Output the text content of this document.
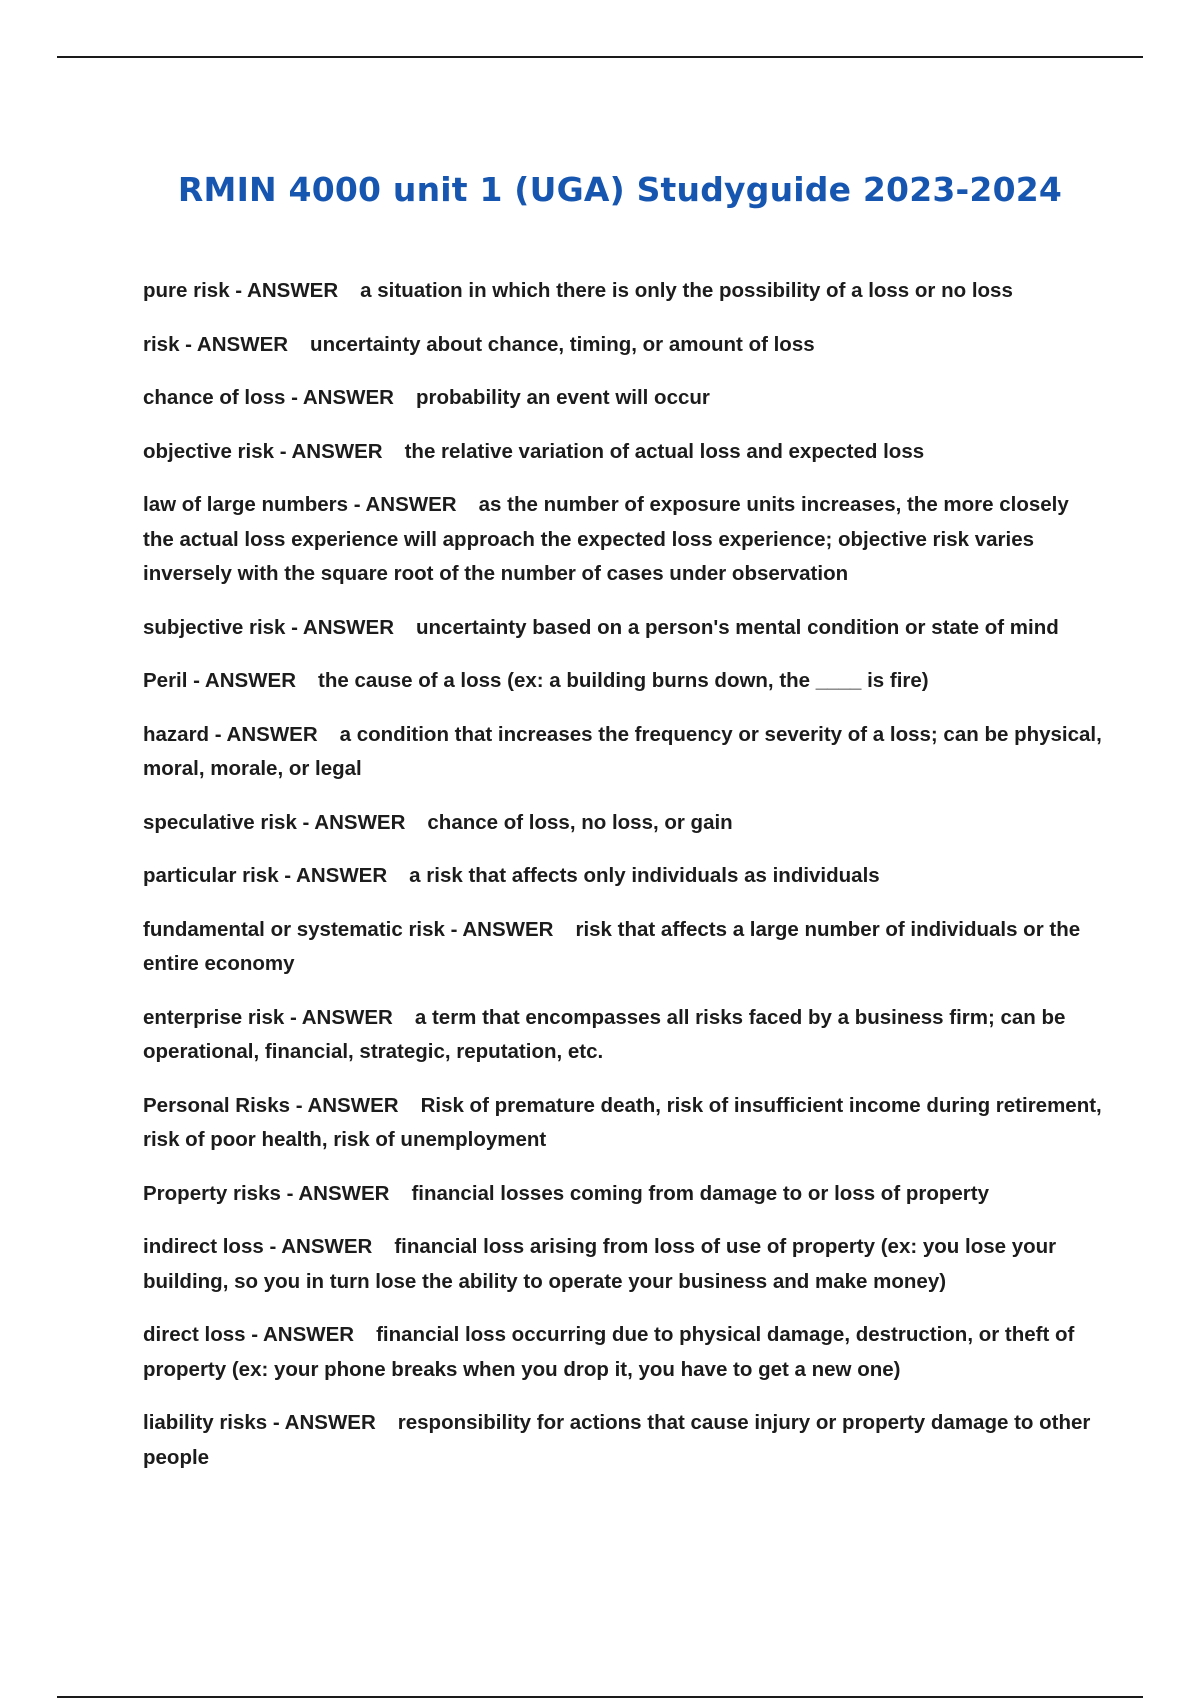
RMIN 4000 unit 1 (UGA) Studyguide 2023-2024
pure risk - ANSWER a situation in which there is only the possibility of a loss or no loss
risk - ANSWER uncertainty about chance, timing, or amount of loss
chance of loss - ANSWER probability an event will occur
objective risk - ANSWER the relative variation of actual loss and expected loss
law of large numbers - ANSWER as the number of exposure units increases, the more closely the actual loss experience will approach the expected loss experience; objective risk varies inversely with the square root of the number of cases under observation
subjective risk - ANSWER uncertainty based on a person's mental condition or state of mind
Peril - ANSWER the cause of a loss (ex: a building burns down, the ____ is fire)
hazard - ANSWER a condition that increases the frequency or severity of a loss; can be physical, moral, morale, or legal
speculative risk - ANSWER chance of loss, no loss, or gain
particular risk - ANSWER a risk that affects only individuals as individuals
fundamental or systematic risk - ANSWER risk that affects a large number of individuals or the entire economy
enterprise risk - ANSWER a term that encompasses all risks faced by a business firm; can be operational, financial, strategic, reputation, etc.
Personal Risks - ANSWER Risk of premature death, risk of insufficient income during retirement, risk of poor health, risk of unemployment
Property risks - ANSWER financial losses coming from damage to or loss of property
indirect loss - ANSWER financial loss arising from loss of use of property (ex: you lose your building, so you in turn lose the ability to operate your business and make money)
direct loss - ANSWER financial loss occurring due to physical damage, destruction, or theft of property (ex: your phone breaks when you drop it, you have to get a new one)
liability risks - ANSWER responsibility for actions that cause injury or property damage to other people
